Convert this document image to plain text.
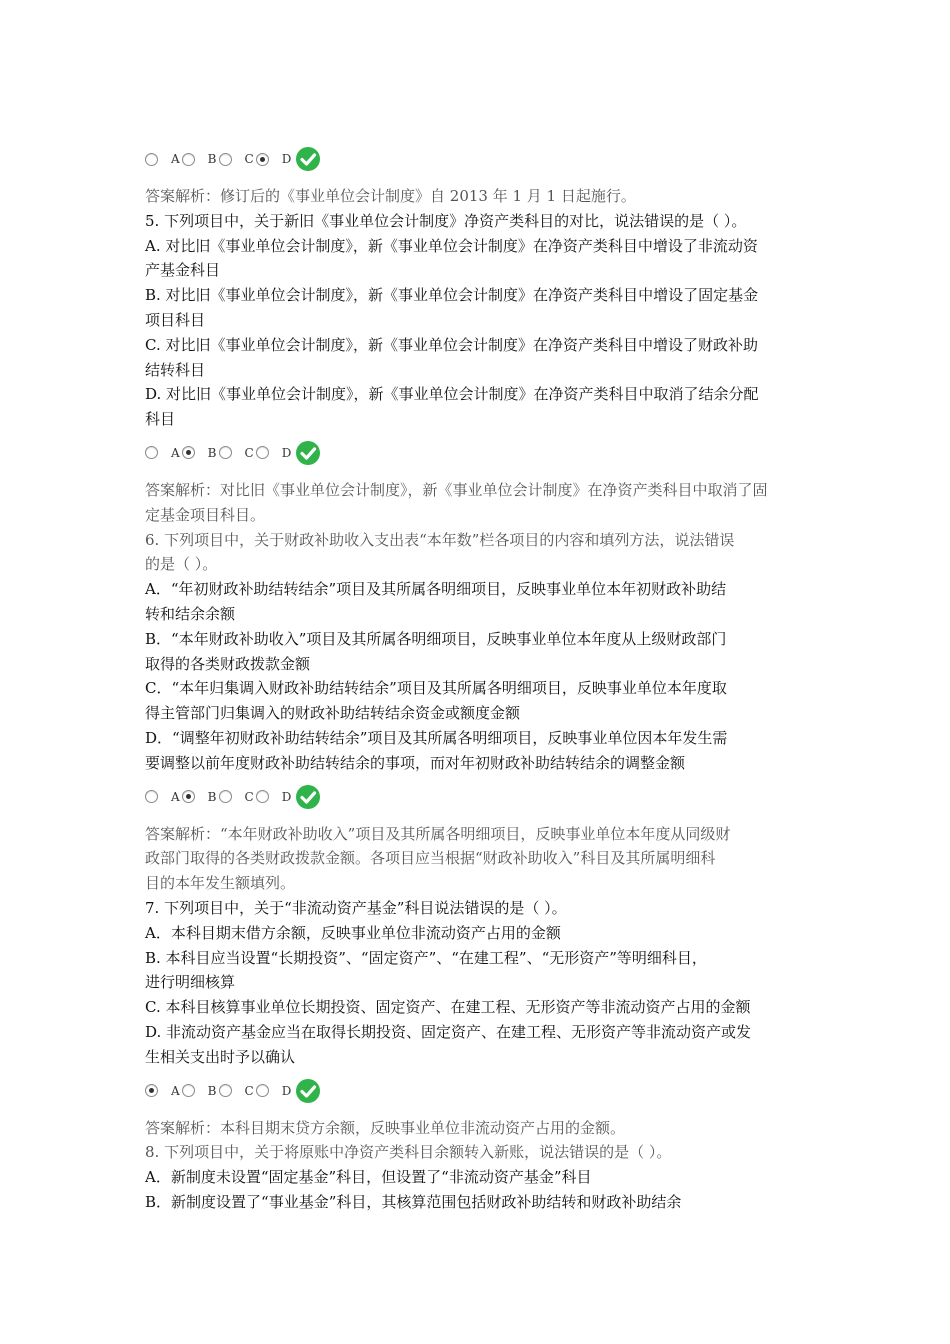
A B C D
答案解析：修订后的《事业单位会计制度》自 2013 年 1 月 1 日起施行。
5. 下列项目中，关于新旧《事业单位会计制度》净资产类科目的对比，说法错误的是（ ）。
A. 对比旧《事业单位会计制度》，新《事业单位会计制度》在净资产类科目中增设了非流动资
产基金科目
B. 对比旧《事业单位会计制度》，新《事业单位会计制度》在净资产类科目中增设了固定基金
项目科目
C. 对比旧《事业单位会计制度》，新《事业单位会计制度》在净资产类科目中增设了财政补助
结转科目
D. 对比旧《事业单位会计制度》，新《事业单位会计制度》在净资产类科目中取消了结余分配
科目
A B C D
答案解析：对比旧《事业单位会计制度》，新《事业单位会计制度》在净资产类科目中取消了固
定基金项目科目。
6. 下列项目中，关于财政补助收入支出表“本年数”栏各项目的内容和填列方法，说法错误
的是（ ）。
A．“年初财政补助结转结余”项目及其所属各明细项目，反映事业单位本年初财政补助结
转和结余余额
B．“本年财政补助收入”项目及其所属各明细项目，反映事业单位本年度从上级财政部门
取得的各类财政拨款金额
C．“本年归集调入财政补助结转结余”项目及其所属各明细项目，反映事业单位本年度取
得主管部门归集调入的财政补助结转结余资金或额度金额
D．“调整年初财政补助结转结余”项目及其所属各明细项目，反映事业单位因本年发生需
要调整以前年度财政补助结转结余的事项，而对年初财政补助结转结余的调整金额
A B C D
答案解析：“本年财政补助收入”项目及其所属各明细项目，反映事业单位本年度从同级财
政部门取得的各类财政拨款金额。各项目应当根据“财政补助收入”科目及其所属明细科
目的本年发生额填列。
7. 下列项目中，关于“非流动资产基金”科目说法错误的是（ ）。
A．本科目期末借方余额，反映事业单位非流动资产占用的金额
B. 本科目应当设置“长期投资”、“固定资产”、“在建工程”、“无形资产”等明细科目，
进行明细核算
C. 本科目核算事业单位长期投资、固定资产、在建工程、无形资产等非流动资产占用的金额
D. 非流动资产基金应当在取得长期投资、固定资产、在建工程、无形资产等非流动资产或发
生相关支出时予以确认
A B C D
答案解析：本科目期末贷方余额，反映事业单位非流动资产占用的金额。
8. 下列项目中，关于将原账中净资产类科目余额转入新账，说法错误的是（ ）。
A．新制度未设置“固定基金”科目，但设置了“非流动资产基金”科目
B．新制度设置了“事业基金”科目，其核算范围包括财政补助结转和财政补助结余
